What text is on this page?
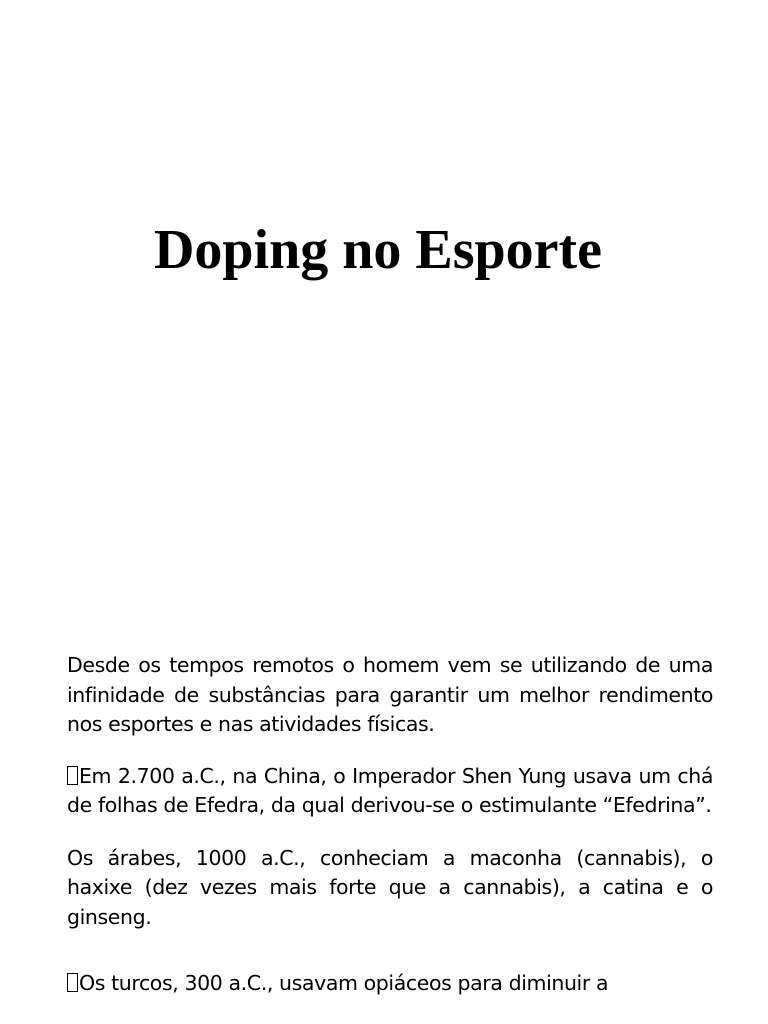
Doping no Esporte

Desde os tempos remotos o homem vem se utilizando de uma infinidade de substâncias para garantir um melhor rendimento nos esportes e nas atividades físicas.

Em 2.700 a.C., na China, o Imperador Shen Yung usava um chá de folhas de Efedra, da qual derivou-se o estimulante “Efedrina”.

Os árabes, 1000 a.C., conheciam a maconha (cannabis), o haxixe (dez vezes mais forte que a cannabis), a catina e o ginseng.

Os turcos, 300 a.C., usavam opiáceos para diminuir a
